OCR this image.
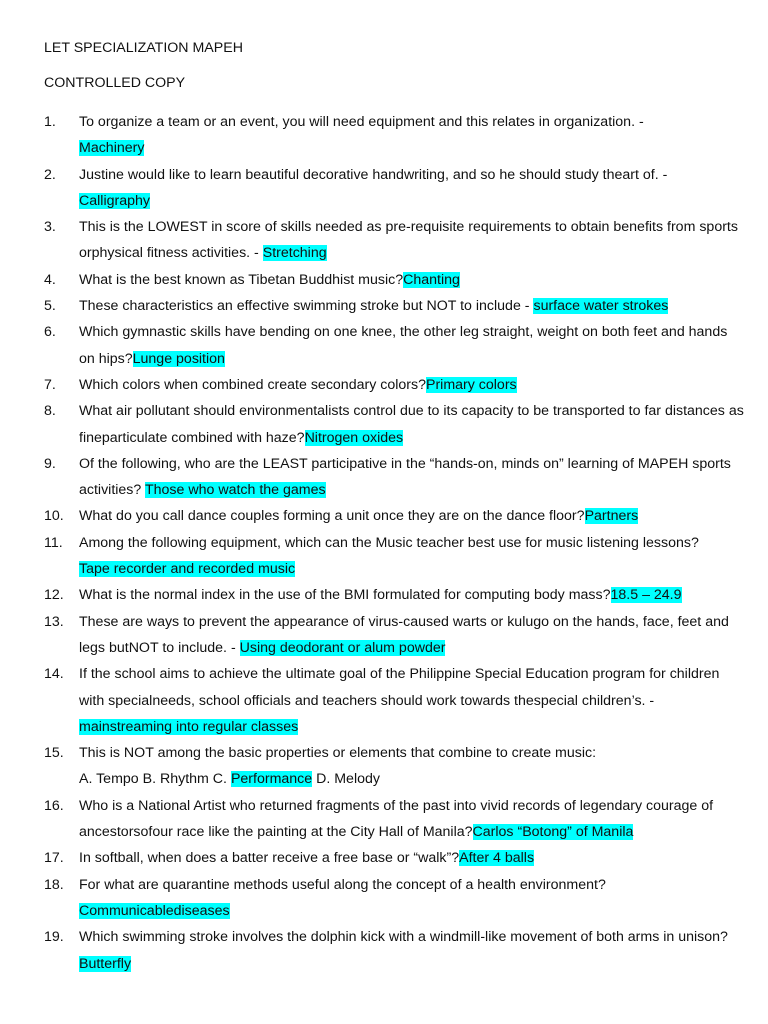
LET SPECIALIZATION MAPEH
CONTROLLED COPY
1. To organize a team or an event, you will need equipment and this relates in organization. -
Machinery
2. Justine would like to learn beautiful decorative handwriting, and so he should study theart of. -
Calligraphy
3. This is the LOWEST in score of skills needed as pre-requisite requirements to obtain benefits from sports orphysical fitness activities. - Stretching
4. What is the best known as Tibetan Buddhist music?Chanting
5. These characteristics an effective swimming stroke but NOT to include - surface water strokes
6. Which gymnastic skills have bending on one knee, the other leg straight, weight on both feet and hands on hips?Lunge position
7. Which colors when combined create secondary colors?Primary colors
8. What air pollutant should environmentalists control due to its capacity to be transported to far distances as fineparticulate combined with haze?Nitrogen oxides
9. Of the following, who are the LEAST participative in the “hands-on, minds on” learning of MAPEH sports activities? Those who watch the games
10. What do you call dance couples forming a unit once they are on the dance floor?Partners
11. Among the following equipment, which can the Music teacher best use for music listening lessons?
Tape recorder and recorded music
12. What is the normal index in the use of the BMI formulated for computing body mass?18.5 – 24.9
13. These are ways to prevent the appearance of virus-caused warts or kulugo on the hands, face, feet and legs butNOT to include. - Using deodorant or alum powder
14. If the school aims to achieve the ultimate goal of the Philippine Special Education program for children with specialneeds, school officials and teachers should work towards thespecial children’s. -
mainstreaming into regular classes
15. This is NOT among the basic properties or elements that combine to create music:
A. Tempo B. Rhythm C. Performance D. Melody
16. Who is a National Artist who returned fragments of the past into vivid records of legendary courage of ancestorsofour race like the painting at the City Hall of Manila?Carlos “Botong” of Manila
17. In softball, when does a batter receive a free base or “walk”?After 4 balls
18. For what are quarantine methods useful along the concept of a health environment?
Communicablediseases
19. Which swimming stroke involves the dolphin kick with a windmill-like movement of both arms in unison? Butterfly
